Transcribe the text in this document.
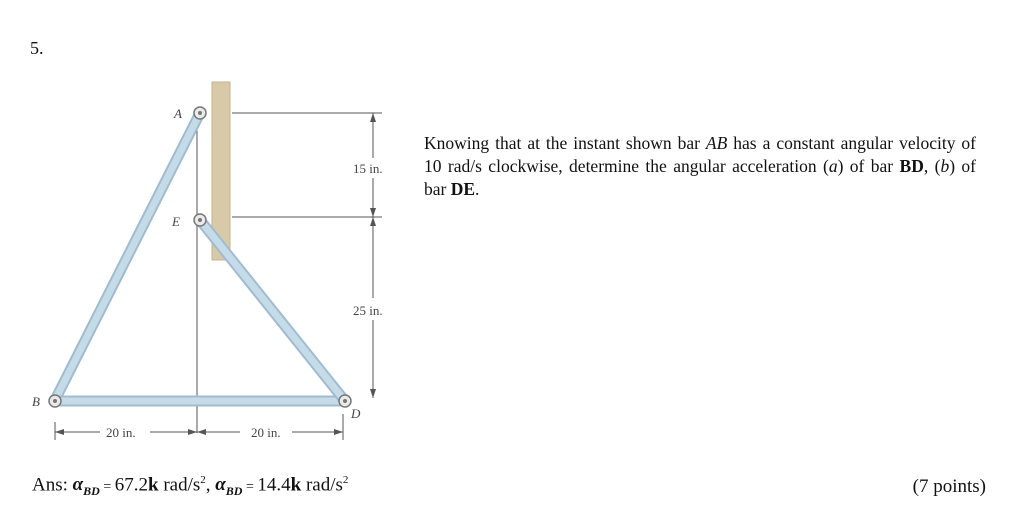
5.
A
E
B
D
15 in.
25 in.
20 in.	20 in.
Knowing that at the instant shown bar AB has a constant angular velocity of 10 rad/s clockwise, determine the angular acceleration (a) of bar BD, (b) of bar DE.
Ans: $\alpha_{BD} = 67.2k$ rad/$s^2$, $\alpha_{BD} = 14.4k$ rad/$s^2$	(7 points)
